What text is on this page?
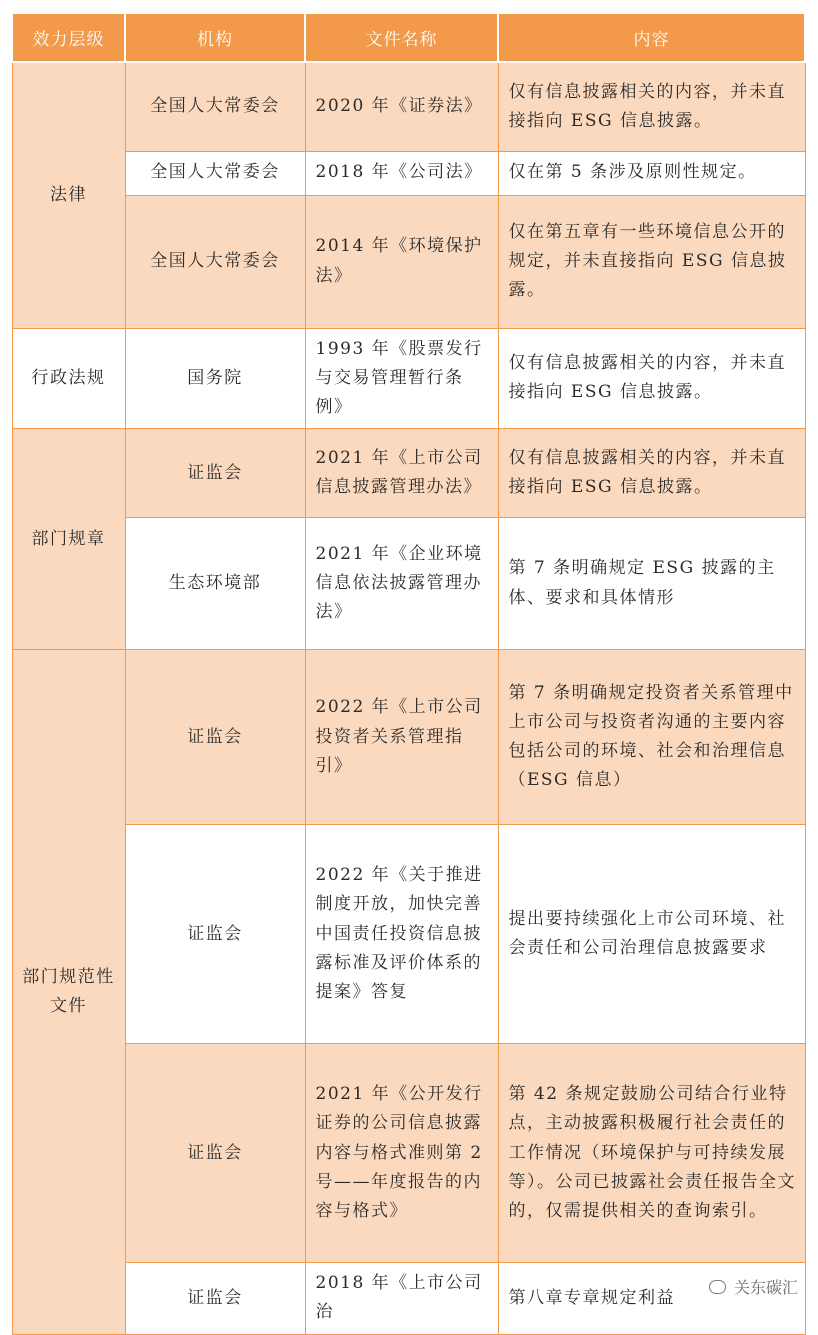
效力层级	机构	文件名称	内容
法律	全国人大常委会	2020 年《证券法》	仅有信息披露相关的内容，并未直接指向 ESG 信息披露。
	全国人大常委会	2018 年《公司法》	仅在第 5 条涉及原则性规定。
	全国人大常委会	2014 年《环境保护法》	仅在第五章有一些环境信息公开的规定，并未直接指向 ESG 信息披露。
行政法规	国务院	1993 年《股票发行与交易管理暂行条例》	仅有信息披露相关的内容，并未直接指向 ESG 信息披露。
部门规章	证监会	2021 年《上市公司信息披露管理办法》	仅有信息披露相关的内容，并未直接指向 ESG 信息披露。
	生态环境部	2021 年《企业环境信息依法披露管理办法》	第 7 条明确规定 ESG 披露的主体、要求和具体情形
部门规范性文件	证监会	2022 年《上市公司投资者关系管理指引》	第 7 条明确规定投资者关系管理中上市公司与投资者沟通的主要内容包括公司的环境、社会和治理信息（ESG 信息）
	证监会	2022 年《关于推进制度开放，加快完善中国责任投资信息披露标准及评价体系的提案》答复	提出要持续强化上市公司环境、社会责任和公司治理信息披露要求
	证监会	2021 年《公开发行证券的公司信息披露内容与格式准则第 2 号——年度报告的内容与格式》	第 42 条规定鼓励公司结合行业特点，主动披露积极履行社会责任的工作情况（环境保护与可持续发展等）。公司已披露社会责任报告全文的，仅需提供相关的查询索引。
	证监会	2018 年《上市公司治	第八章专章规定利益
关东碳汇
